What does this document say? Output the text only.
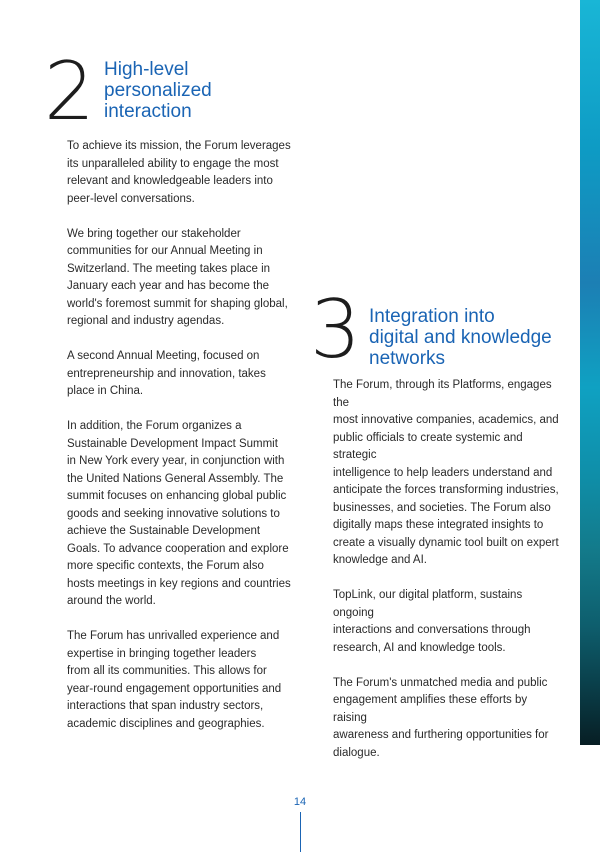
2 High-level
personalized
interaction

To achieve its mission, the Forum leverages
its unparalleled ability to engage the most
relevant and knowledgeable leaders into
peer-level conversations.

We bring together our stakeholder
communities for our Annual Meeting in
Switzerland. The meeting takes place in
January each year and has become the
world's foremost summit for shaping global,
regional and industry agendas.

A second Annual Meeting, focused on
entrepreneurship and innovation, takes
place in China.

In addition, the Forum organizes a
Sustainable Development Impact Summit
in New York every year, in conjunction with
the United Nations General Assembly. The
summit focuses on enhancing global public
goods and seeking innovative solutions to
achieve the Sustainable Development
Goals. To advance cooperation and explore
more specific contexts, the Forum also
hosts meetings in key regions and countries
around the world.

The Forum has unrivalled experience and
expertise in bringing together leaders
from all its communities. This allows for
year-round engagement opportunities and
interactions that span industry sectors,
academic disciplines and geographies.

3 Integration into
digital and knowledge
networks

The Forum, through its Platforms, engages the
most innovative companies, academics, and
public officials to create systemic and strategic
intelligence to help leaders understand and
anticipate the forces transforming industries,
businesses, and societies. The Forum also
digitally maps these integrated insights to
create a visually dynamic tool built on expert
knowledge and AI.

TopLink, our digital platform, sustains ongoing
interactions and conversations through
research, AI and knowledge tools.

The Forum's unmatched media and public
engagement amplifies these efforts by raising
awareness and furthering opportunities for
dialogue.

14
